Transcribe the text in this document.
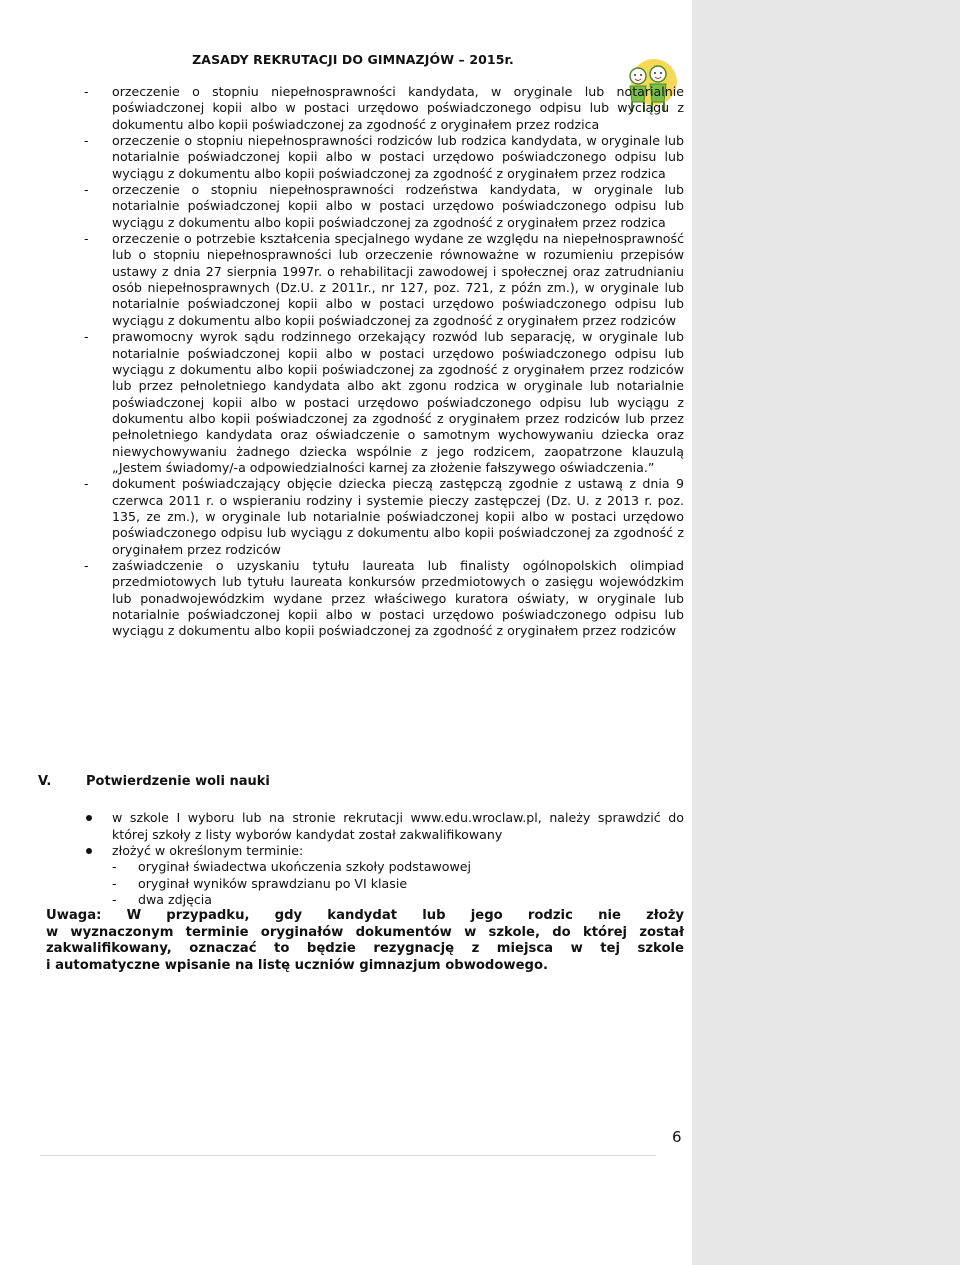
ZASADY REKRUTACJI DO GIMNAZJÓW – 2015r.
- orzeczenie o stopniu niepełnosprawności kandydata, w oryginale lub notarialnie poświadczonej kopii albo w postaci urzędowo poświadczonego odpisu lub wyciągu z dokumentu albo kopii poświadczonej za zgodność z oryginałem przez rodzica
- orzeczenie o stopniu niepełnosprawności rodziców lub rodzica kandydata, w oryginale lub notarialnie poświadczonej kopii albo w postaci urzędowo poświadczonego odpisu lub wyciągu z dokumentu albo kopii poświadczonej za zgodność z oryginałem przez rodzica
- orzeczenie o stopniu niepełnosprawności rodzeństwa kandydata, w oryginale lub notarialnie poświadczonej kopii albo w postaci urzędowo poświadczonego odpisu lub wyciągu z dokumentu albo kopii poświadczonej za zgodność z oryginałem przez rodzica
- orzeczenie o potrzebie kształcenia specjalnego wydane ze względu na niepełnosprawność lub o stopniu niepełnosprawności lub orzeczenie równoważne w rozumieniu przepisów ustawy z dnia 27 sierpnia 1997r. o rehabilitacji zawodowej i społecznej oraz zatrudnianiu osób niepełnosprawnych (Dz.U. z 2011r., nr 127, poz. 721, z późn zm.), w oryginale lub notarialnie poświadczonej kopii albo w postaci urzędowo poświadczonego odpisu lub wyciągu z dokumentu albo kopii poświadczonej za zgodność z oryginałem przez rodziców
- prawomocny wyrok sądu rodzinnego orzekający rozwód lub separację, w oryginale lub notarialnie poświadczonej kopii albo w postaci urzędowo poświadczonego odpisu lub wyciągu z dokumentu albo kopii poświadczonej za zgodność z oryginałem przez rodziców lub przez pełnoletniego kandydata albo akt zgonu rodzica w oryginale lub notarialnie poświadczonej kopii albo w postaci urzędowo poświadczonego odpisu lub wyciągu z dokumentu albo kopii poświadczonej za zgodność z oryginałem przez rodziców lub przez pełnoletniego kandydata oraz oświadczenie o samotnym wychowywaniu dziecka oraz niewychowywaniu żadnego dziecka wspólnie z jego rodzicem, zaopatrzone klauzulą „Jestem świadomy/-a odpowiedzialności karnej za złożenie fałszywego oświadczenia.”
- dokument poświadczający objęcie dziecka pieczą zastępczą zgodnie z ustawą z dnia 9 czerwca 2011 r. o wspieraniu rodziny i systemie pieczy zastępczej (Dz. U. z 2013 r. poz. 135, ze zm.), w oryginale lub notarialnie poświadczonej kopii albo w postaci urzędowo poświadczonego odpisu lub wyciągu z dokumentu albo kopii poświadczonej za zgodność z oryginałem przez rodziców
- zaświadczenie o uzyskaniu tytułu laureata lub finalisty ogólnopolskich olimpiad przedmiotowych lub tytułu laureata konkursów przedmiotowych o zasięgu wojewódzkim lub ponadwojewódzkim wydane przez właściwego kuratora oświaty, w oryginale lub notarialnie poświadczonej kopii albo w postaci urzędowo poświadczonego odpisu lub wyciągu z dokumentu albo kopii poświadczonej za zgodność z oryginałem przez rodziców
V.	Potwierdzenie woli nauki
w szkole I wyboru lub na stronie rekrutacji www.edu.wroclaw.pl, należy sprawdzić do której szkoły z listy wyborów kandydat został zakwalifikowany
złożyć w określonym terminie:
- oryginał świadectwa ukończenia szkoły podstawowej
- oryginał wyników sprawdzianu po VI klasie
- dwa zdjęcia
Uwaga: W przypadku, gdy kandydat lub jego rodzic nie złoży
w wyznaczonym terminie oryginałów dokumentów w szkole, do której został
zakwalifikowany, oznaczać to będzie rezygnację z miejsca w tej szkole
i automatyczne wpisanie na listę uczniów gimnazjum obwodowego.
6
